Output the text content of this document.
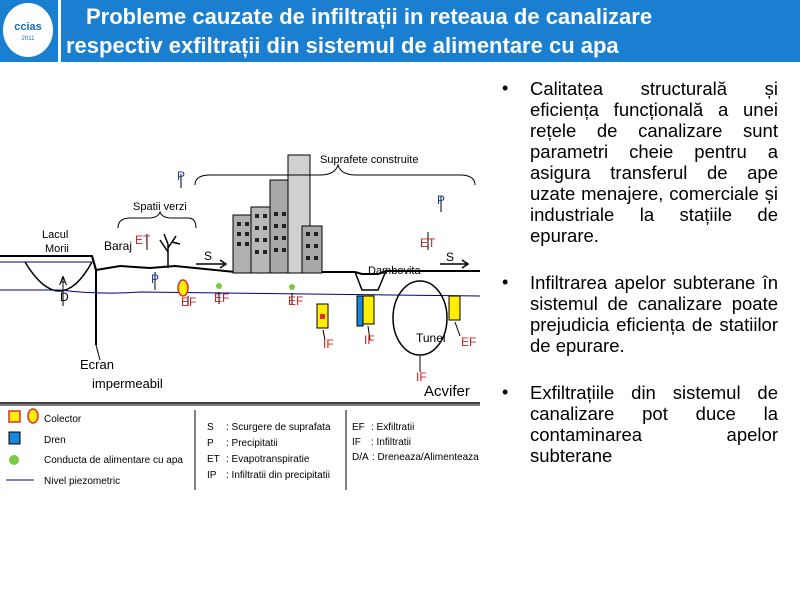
ccias
2011
Probleme cauzate de infiltrații in reteaua de canalizare
respectiv exfiltrații din sistemul de alimentare cu apa
Suprafete construite
Spatii verzi
Lacul
Morii	Baraj
Dambovita
Tunel
Acvifer
Ecran
impermeabil
P
P
P
ET	ET
S	S
A
D	EF EF	EF
EF
IF	IF
IF
Colector
Dren
Conducta de alimentare cu apa
Nivel piezometric
S : Scurgere de suprafata
P : Precipitatii
ET : Evapotranspiratie
IP : Infiltratii din precipitatii
EF : Exfiltratii
IF : Infiltratii
D/A : Dreneaza/Alimenteaza
• Calitatea structurală și eficiența funcțională a unei rețele de canalizare sunt parametri cheie pentru a asigura transferul de ape uzate menajere, comerciale și industriale la stațiile de epurare.
• Infiltrarea apelor subterane în sistemul de canalizare poate prejudicia eficiența de statiilor de epurare.
• Exfiltrațiile din sistemul de canalizare pot duce la contaminarea apelor subterane
